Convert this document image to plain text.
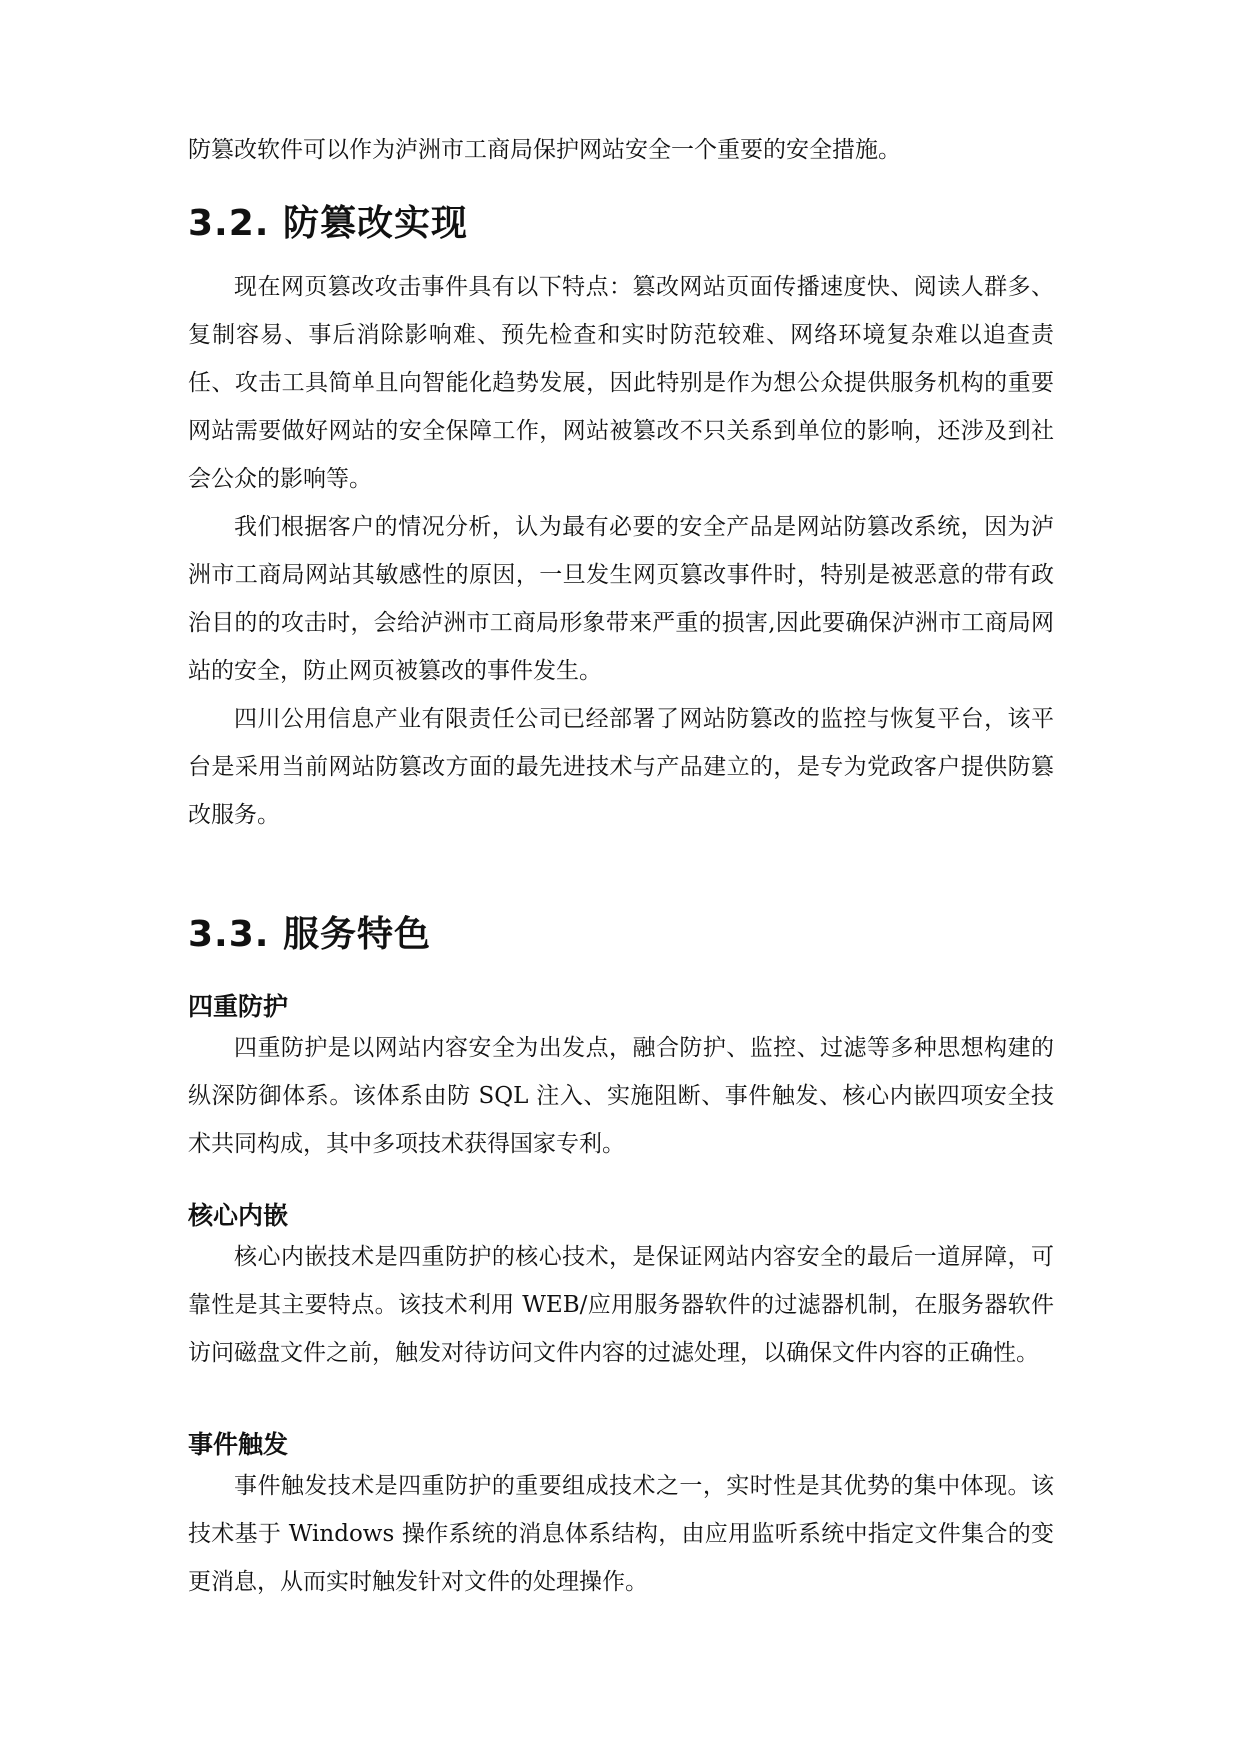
防篡改软件可以作为泸洲市工商局保护网站安全一个重要的安全措施。

3.2. 防篡改实现

现在网页篡改攻击事件具有以下特点：篡改网站页面传播速度快、阅读人群多、复制容易、事后消除影响难、预先检查和实时防范较难、网络环境复杂难以追查责任、攻击工具简单且向智能化趋势发展，因此特别是作为想公众提供服务机构的重要网站需要做好网站的安全保障工作，网站被篡改不只关系到单位的影响，还涉及到社会公众的影响等。

我们根据客户的情况分析，认为最有必要的安全产品是网站防篡改系统，因为泸洲市工商局网站其敏感性的原因，一旦发生网页篡改事件时，特别是被恶意的带有政治目的的攻击时，会给泸洲市工商局形象带来严重的损害,因此要确保泸洲市工商局网站的安全，防止网页被篡改的事件发生。

四川公用信息产业有限责任公司已经部署了网站防篡改的监控与恢复平台，该平台是采用当前网站防篡改方面的最先进技术与产品建立的，是专为党政客户提供防篡改服务。

3.3. 服务特色
四重防护

四重防护是以网站内容安全为出发点，融合防护、监控、过滤等多种思想构建的纵深防御体系。该体系由防 SQL 注入、实施阻断、事件触发、核心内嵌四项安全技术共同构成，其中多项技术获得国家专利。

核心内嵌

核心内嵌技术是四重防护的核心技术，是保证网站内容安全的最后一道屏障，可靠性是其主要特点。该技术利用 WEB/应用服务器软件的过滤器机制，在服务器软件访问磁盘文件之前，触发对待访问文件内容的过滤处理，以确保文件内容的正确性。

事件触发

事件触发技术是四重防护的重要组成技术之一，实时性是其优势的集中体现。该技术基于 Windows 操作系统的消息体系结构，由应用监听系统中指定文件集合的变更消息，从而实时触发针对文件的处理操作。
